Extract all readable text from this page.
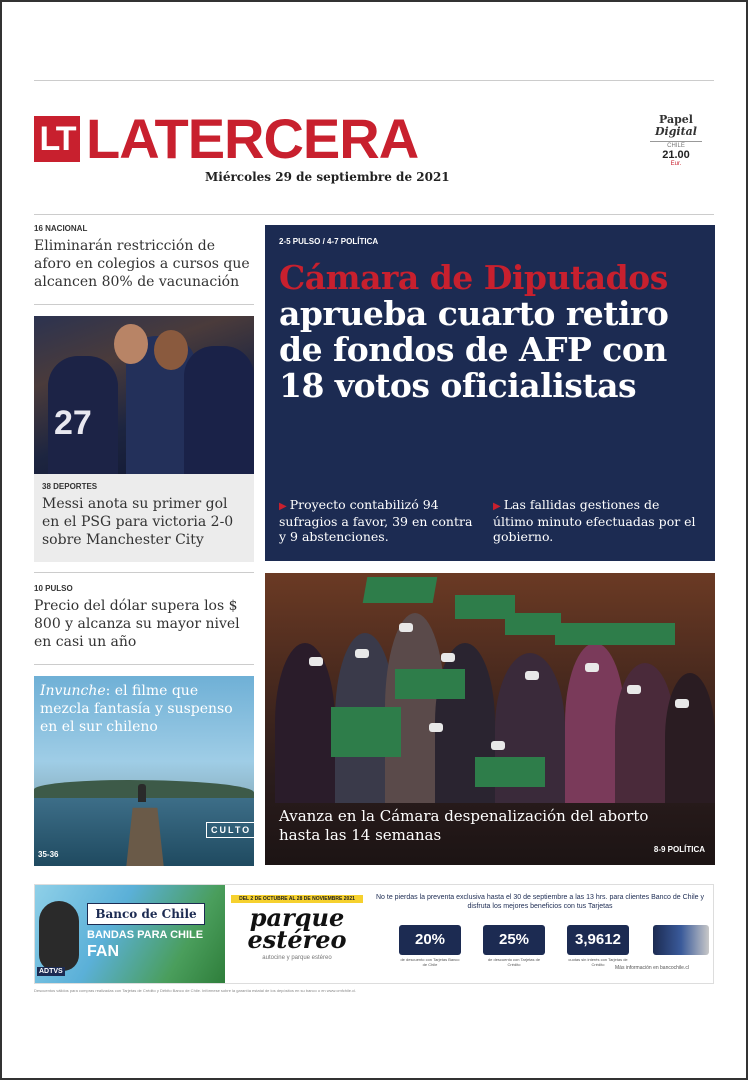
LT LATERCERA
Miércoles 29 de septiembre de 2021
Papel
Digital
CHILE
21.00
Eur.
16 NACIONAL
Eliminarán restricción de aforo en colegios a cursos que alcancen 80% de vacunación
27
38 DEPORTES
Messi anota su primer gol en el PSG para victoria 2-0 sobre Manchester City
10 PULSO
Precio del dólar supera los $ 800 y alcanza su mayor nivel en casi un año
Invunche: el filme que mezcla fantasía y suspenso en el sur chileno
CULTO
35-36
2-5 PULSO / 4-7 POLÍTICA
Cámara de Diputados aprueba cuarto retiro de fondos de AFP con 18 votos oficialistas
▶ Proyecto contabilizó 94 sufragios a favor, 39 en contra y 9 abstenciones.
▶ Las fallidas gestiones de último minuto efectuadas por el gobierno.
Avanza en la Cámara despenalización del aborto hasta las 14 semanas
8-9 POLÍTICA
Banco de Chile
BANDAS PARA CHILE
FAN
ADTVS
DEL 2 DE OCTUBRE AL 28 DE NOVIEMBRE 2021
parque estéreo
autocine y parque estéreo
No te pierdas la preventa exclusiva hasta el 30 de septiembre a las 13 hrs. para clientes Banco de Chile y disfruta los mejores beneficios con tus Tarjetas
20%	25%	3,9612
de descuento con Tarjetas Banco de Chile
de descuento con Tarjetas de Crédito
cuotas sin interés con Tarjetas de Crédito
Más información en bancochile.cl
Descuentos válidos para compras realizadas con Tarjetas de Crédito y Débito Banco de Chile. Infórmese sobre la garantía estatal de los depósitos en su banco o en www.cmfchile.cl.
